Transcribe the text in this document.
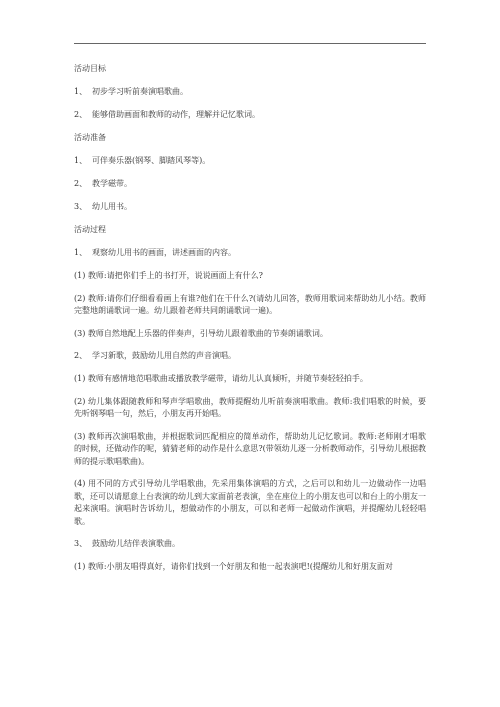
活动目标
1、 初步学习听前奏演唱歌曲。
2、 能够借助画面和教师的动作，理解并记忆歌词。
活动准备
1、 可伴奏乐器(钢琴、脚踏风琴等)。
2、 教学磁带。
3、 幼儿用书。
活动过程
1、 观察幼儿用书的画面，讲述画面的内容。
(1) 教师:请把你们手上的书打开，说说画面上有什么?
(2) 教师:请你们仔细看看画上有谁?他们在干什么?(请幼儿回答，教师用歌词来帮助幼儿小结。教师完整地朗诵歌词一遍。幼儿跟着老师共同朗诵歌词一遍)。
(3) 教师自然地配上乐器的伴奏声，引导幼儿跟着歌曲的节奏朗诵歌词。
2、 学习新歌，鼓励幼儿用自然的声音演唱。
(1) 教师有感情地范唱歌曲或播放教学磁带，请幼儿认真倾听，并随节奏轻轻拍手。
(2) 幼儿集体跟随教师和琴声学唱歌曲，教师提醒幼儿听前奏演唱歌曲。教师:我们唱歌的时候，要先听钢琴唱一句，然后，小朋友再开始唱。
(3) 教师再次演唱歌曲，并根据歌词匹配相应的简单动作，帮助幼儿记忆歌词。教师:老师刚才唱歌的时候，还做动作的呢，猜猜老师的动作是什么意思?(带领幼儿逐一分析教师动作，引导幼儿根据教师的提示歌唱歌曲)。
(4) 用不同的方式引导幼儿学唱歌曲，先采用集体演唱的方式，之后可以和幼儿一边做动作一边唱歌，还可以请愿意上台表演的幼儿到大家面前老表演，坐在座位上的小朋友也可以和台上的小朋友一起来演唱。演唱时告诉幼儿，想做动作的小朋友，可以和老师一起做动作演唱，并提醒幼儿轻轻唱歌。
3、 鼓励幼儿结伴表演歌曲。
(1) 教师:小朋友唱得真好，请你们找到一个好朋友和他一起表演吧!(提醒幼儿和好朋友面对
